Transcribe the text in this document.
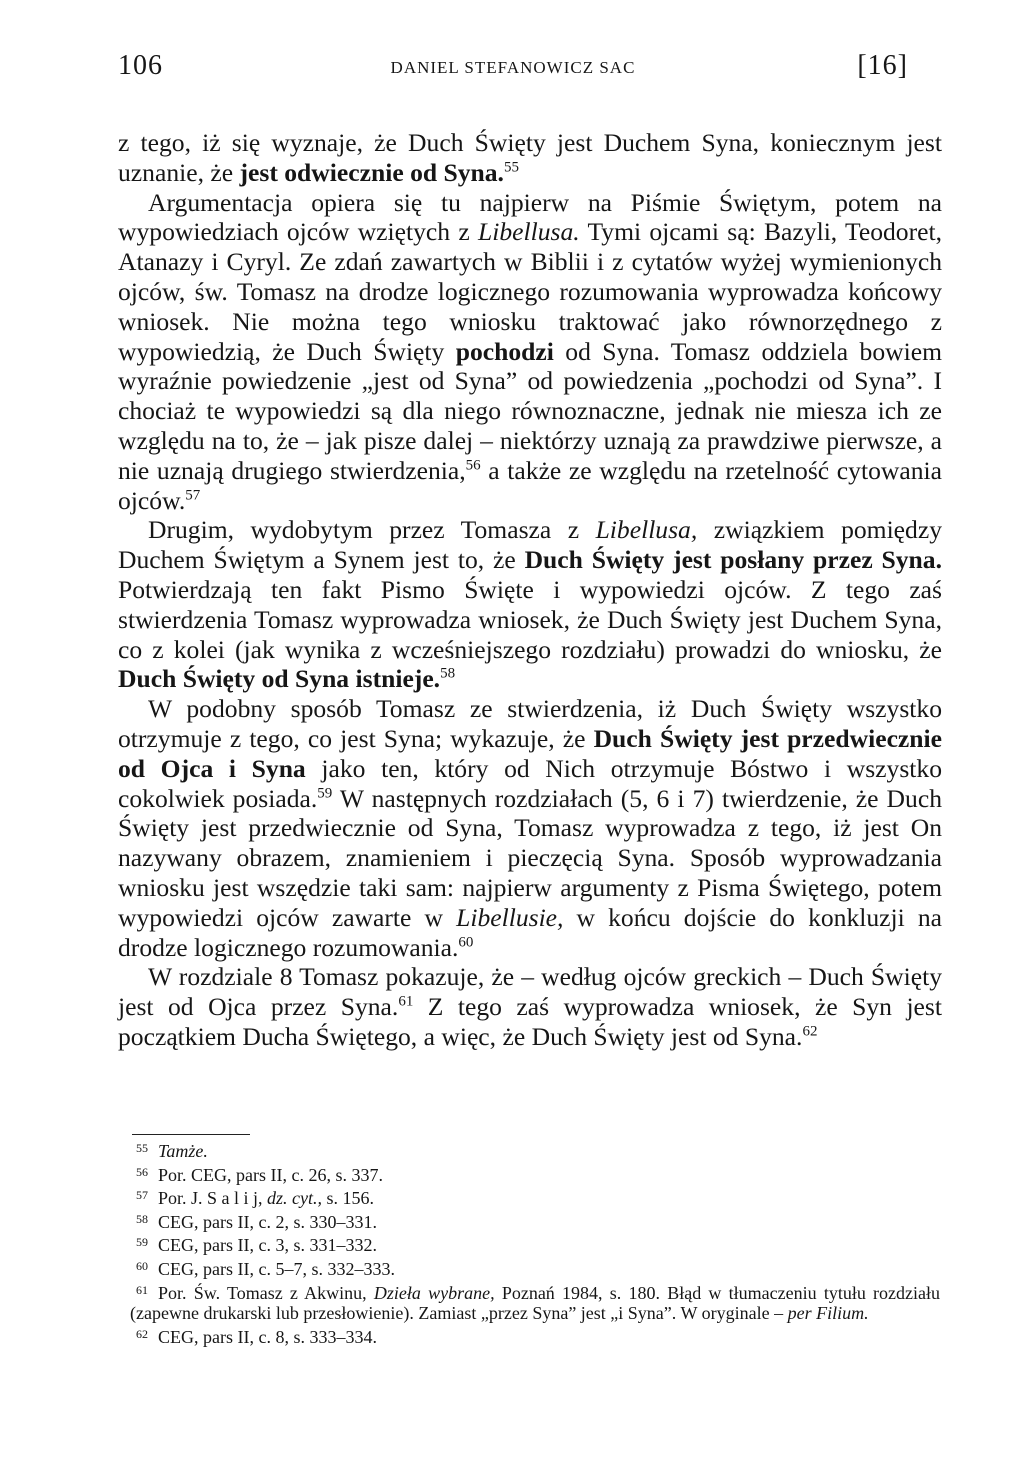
106	DANIEL STEFANOWICZ SAC	[16]

z tego, iż się wyznaje, że Duch Święty jest Duchem Syna, koniecznym jest uznanie, że jest odwiecznie od Syna.$^{55}$

Argumentacja opiera się tu najpierw na Piśmie Świętym, potem na wypowiedziach ojców wziętych z Libellusa. Tymi ojcami są: Bazyli, Teodoret, Atanazy i Cyryl. Ze zdań zawartych w Biblii i z cytatów wyżej wymienionych ojców, św. Tomasz na drodze logicznego rozumowania wyprowadza końcowy wniosek. Nie można tego wniosku traktować jako równorzędnego z wypowiedzią, że Duch Święty pochodzi od Syna. Tomasz oddziela bowiem wyraźnie powiedzenie „jest od Syna” od powiedzenia „pochodzi od Syna”. I chociaż te wypowiedzi są dla niego równoznaczne, jednak nie miesza ich ze względu na to, że – jak pisze dalej – niektórzy uznają za prawdziwe pierwsze, a nie uznają drugiego stwierdzenia,$^{56}$ a także ze względu na rzetelność cytowania ojców.$^{57}$

Drugim, wydobytym przez Tomasza z Libellusa, związkiem pomiędzy Duchem Świętym a Synem jest to, że Duch Święty jest posłany przez Syna. Potwierdzają ten fakt Pismo Święte i wypowiedzi ojców. Z tego zaś stwierdzenia Tomasz wyprowadza wniosek, że Duch Święty jest Duchem Syna, co z kolei (jak wynika z wcześniejszego rozdziału) prowadzi do wniosku, że Duch Święty od Syna istnieje.$^{58}$

W podobny sposób Tomasz ze stwierdzenia, iż Duch Święty wszystko otrzymuje z tego, co jest Syna; wykazuje, że Duch Święty jest przedwiecznie od Ojca i Syna jako ten, który od Nich otrzymuje Bóstwo i wszystko cokolwiek posiada.$^{59}$ W następnych rozdziałach (5, 6 i 7) twierdzenie, że Duch Święty jest przedwiecznie od Syna, Tomasz wyprowadza z tego, iż jest On nazywany obrazem, znamieniem i pieczęcią Syna. Sposób wyprowadzania wniosku jest wszędzie taki sam: najpierw argumenty z Pisma Świętego, potem wypowiedzi ojców zawarte w Libellusie, w końcu dojście do konkluzji na drodze logicznego rozumowania.$^{60}$

W rozdziale 8 Tomasz pokazuje, że – według ojców greckich – Duch Święty jest od Ojca przez Syna.$^{61}$ Z tego zaś wyprowadza wniosek, że Syn jest początkiem Ducha Świętego, a więc, że Duch Święty jest od Syna.$^{62}$

55 Tamże.

56 Por. CEG, pars II, c. 26, s. 337.

57 Por. J. S a l i j, dz. cyt., s. 156.

58 CEG, pars II, c. 2, s. 330–331.

59 CEG, pars II, c. 3, s. 331–332.

60 CEG, pars II, c. 5–7, s. 332–333.

61 Por. Św. Tomasz z Akwinu, Dzieła wybrane, Poznań 1984, s. 180. Błąd w tłumaczeniu tytułu rozdziału (zapewne drukarski lub przesłowienie). Zamiast „przez Syna” jest „i Syna”. W oryginale – per Filium.

62 CEG, pars II, c. 8, s. 333–334.
